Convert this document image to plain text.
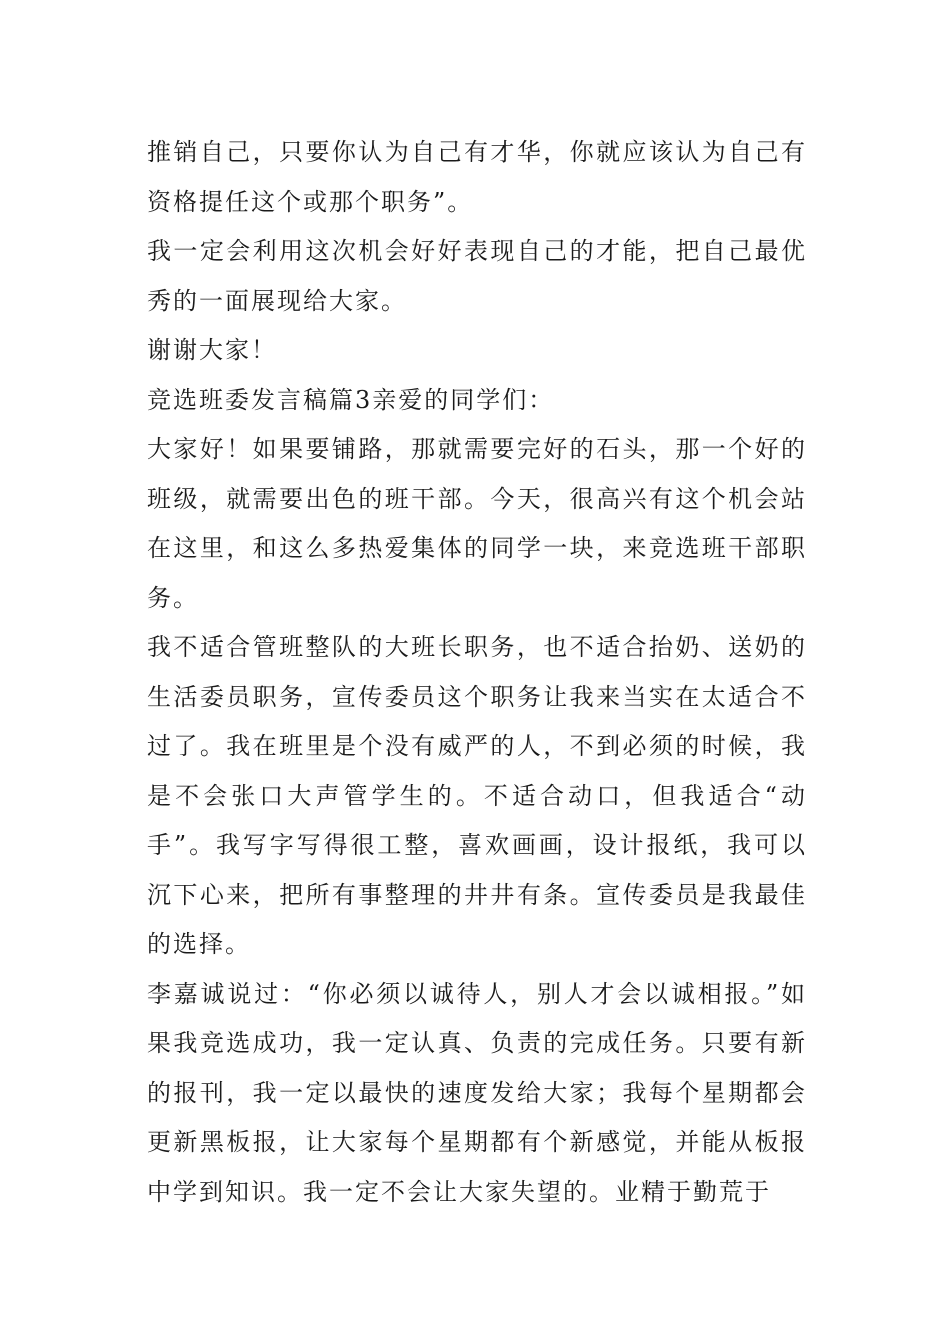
推销自己，只要你认为自己有才华，你就应该认为自己有资格提任这个或那个职务”。

我一定会利用这次机会好好表现自己的才能，把自己最优秀的一面展现给大家。

谢谢大家！

竞选班委发言稿篇3亲爱的同学们：

大家好！如果要铺路，那就需要完好的石头，那一个好的班级，就需要出色的班干部。今天，很高兴有这个机会站在这里，和这么多热爱集体的同学一块，来竞选班干部职务。

我不适合管班整队的大班长职务，也不适合抬奶、送奶的生活委员职务，宣传委员这个职务让我来当实在太适合不过了。我在班里是个没有威严的人，不到必须的时候，我是不会张口大声管学生的。不适合动口，但我适合“动手”。我写字写得很工整，喜欢画画，设计报纸，我可以沉下心来，把所有事整理的井井有条。宣传委员是我最佳的选择。

李嘉诚说过：“你必须以诚待人，别人才会以诚相报。”如果我竞选成功，我一定认真、负责的完成任务。只要有新的报刊，我一定以最快的速度发给大家；我每个星期都会更新黑板报，让大家每个星期都有个新感觉，并能从板报中学到知识。我一定不会让大家失望的。业精于勤荒于
